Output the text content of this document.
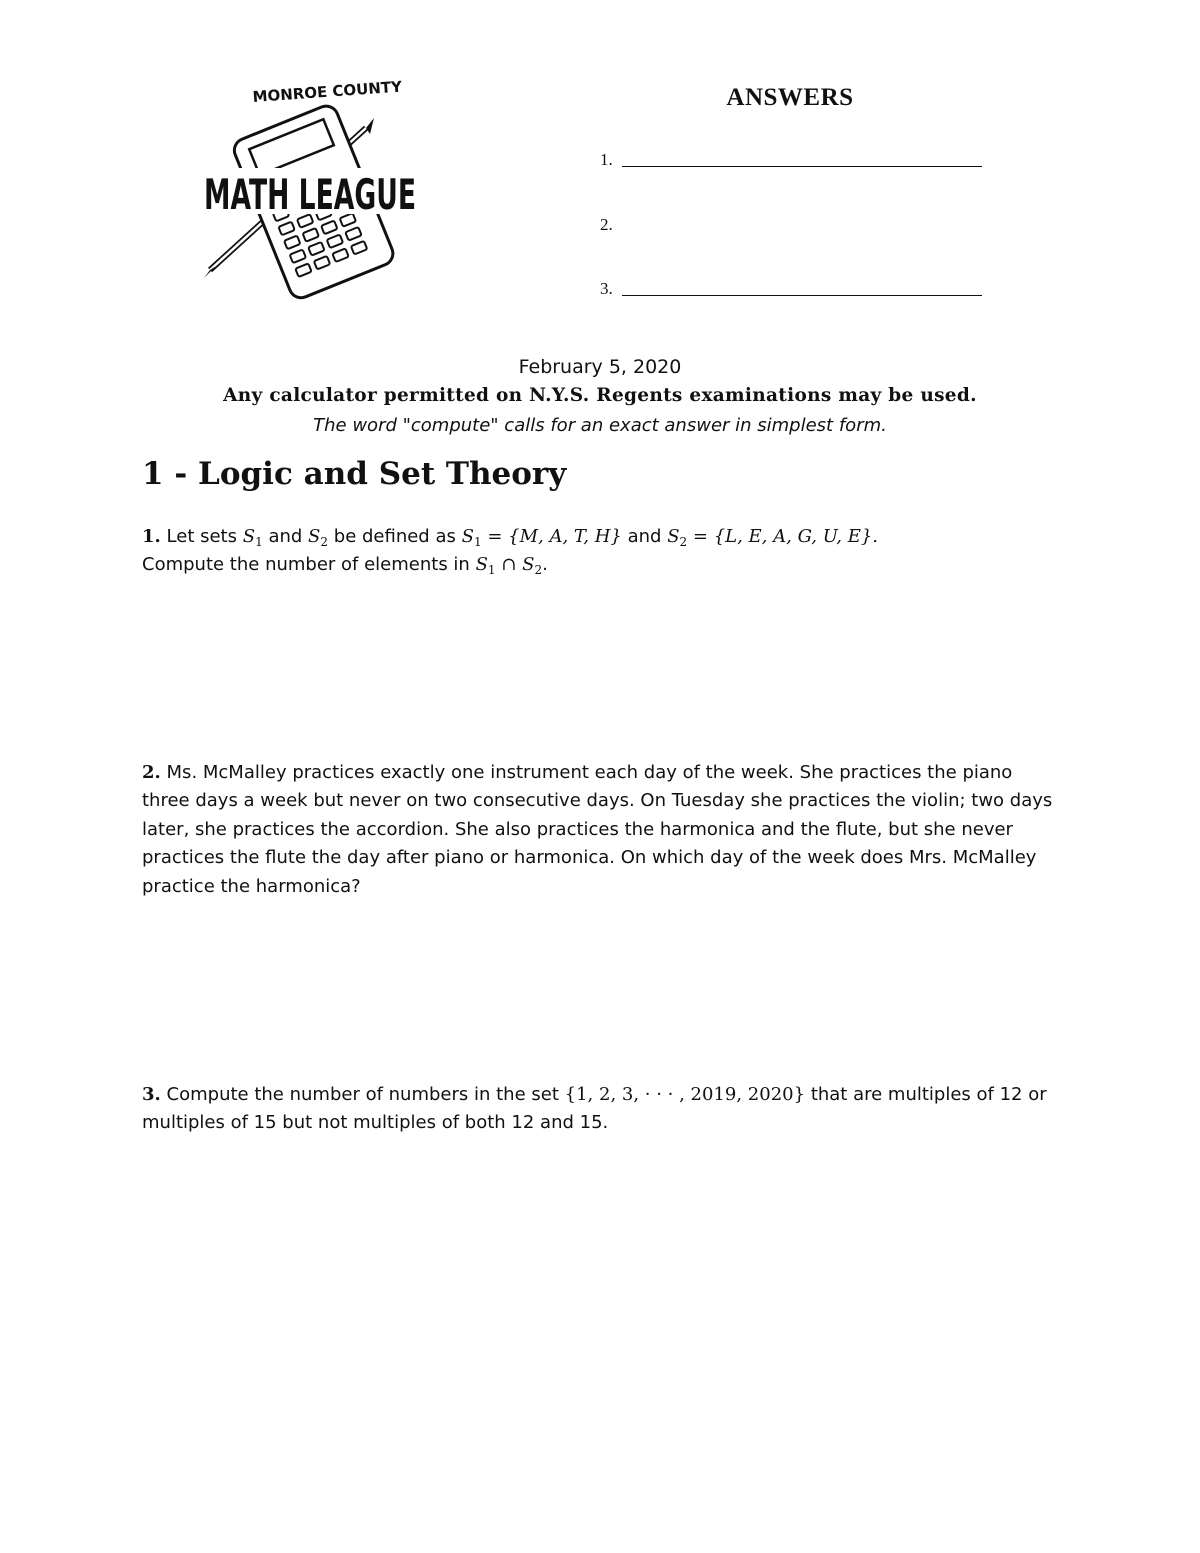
MONROE COUNTY
MATH LEAGUE
ANSWERS
1.
2.
3.
February 5, 2020
Any calculator permitted on N.Y.S. Regents examinations may be used.
The word "compute" calls for an exact answer in simplest form.
1 - Logic and Set Theory
1. Let sets $S_1$ and $S_2$ be defined as $S_1 = \{M$, A, T, H} and $S_2 = \{L$, E, A, G, U, E}.
Compute the number of elements in $S_1$ ∩ $S_2$.
2. Ms. McMalley practices exactly one instrument each day of the week. She practices the piano three days a week but never on two consecutive days. On Tuesday she practices the violin; two days later, she practices the accordion. She also practices the harmonica and the flute, but she never practices the flute the day after piano or harmonica. On which day of the week does Mrs. McMalley practice the harmonica?
3. Compute the number of numbers in the set {1, 2, 3, · · · , 2019, 2020} that are multiples of 12 or multiples of 15 but not multiples of both 12 and 15.
